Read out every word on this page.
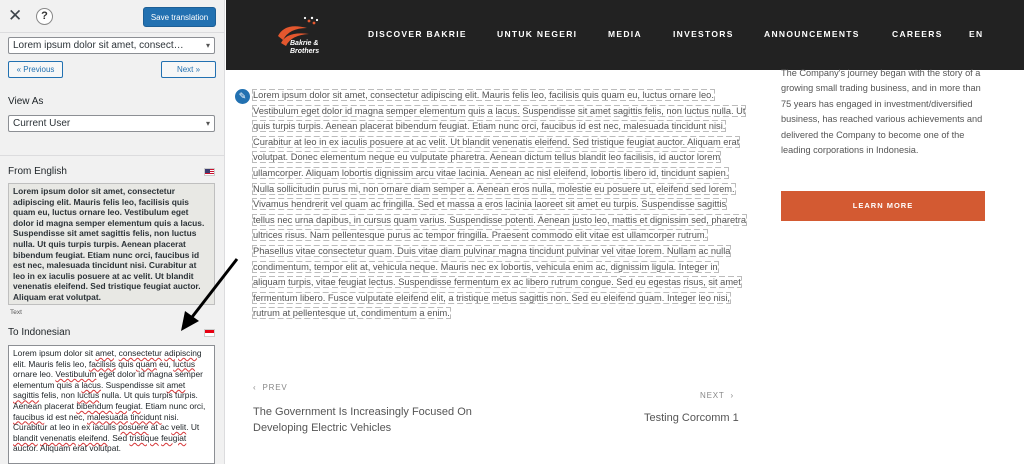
✕	?	Save translation
Lorem ipsum dolor sit amet, consect…	▾
« Previous	Next »
View As
Current User	▾
From English
Lorem ipsum dolor sit amet, consectetur adipiscing elit. Mauris felis leo, facilisis quis quam eu, luctus ornare leo. Vestibulum eget dolor id magna semper elementum quis a lacus. Suspendisse sit amet sagittis felis, non luctus nulla. Ut quis turpis turpis. Aenean placerat bibendum feugiat. Etiam nunc orci, faucibus id est nec, malesuada tincidunt nisi. Curabitur at leo in ex iaculis posuere at ac velit. Ut blandit venenatis eleifend. Sed tristique feugiat auctor. Aliquam erat volutpat.
Text
To Indonesian
Lorem ipsum dolor sit amet, consectetur adipiscing elit. Mauris felis leo, facilisis quis quam eu, luctus ornare leo. Vestibulum eget dolor id magna semper elementum quis a lacus. Suspendisse sit amet sagittis felis, non luctus nulla. Ut quis turpis turpis. Aenean placerat bibendum feugiat. Etiam nunc orci, faucibus id est nec, malesuada tincidunt nisi. Curabitur at leo in ex iaculis posuere at ac velit. Ut blandit venenatis eleifend. Sed tristique feugiat auctor. Aliquam erat volutpat.
Bakrie &
Brothers
DISCOVER BAKRIE	UNTUK NEGERI	MEDIA	INVESTORS	ANNOUNCEMENTS	CAREERS	EN
✎ Lorem ipsum dolor sit amet, consectetur adipiscing elit. Mauris felis leo, facilisis quis quam eu, luctus ornare leo. Vestibulum eget dolor id magna semper elementum quis a lacus. Suspendisse sit amet sagittis felis, non luctus nulla. Ut quis turpis turpis. Aenean placerat bibendum feugiat. Etiam nunc orci, faucibus id est nec, malesuada tincidunt nisi. Curabitur at leo in ex iaculis posuere at ac velit. Ut blandit venenatis eleifend. Sed tristique feugiat auctor. Aliquam erat volutpat. Donec elementum neque eu vulputate pharetra. Aenean dictum tellus blandit leo facilisis, id auctor lorem ullamcorper. Aliquam lobortis dignissim arcu vitae lacinia. Aenean ac nisl eleifend, lobortis libero id, tincidunt sapien. Nulla sollicitudin purus mi, non ornare diam semper a. Aenean eros nulla, molestie eu posuere ut, eleifend sed lorem. Vivamus hendrerit vel quam ac fringilla. Sed et massa a eros lacinia laoreet sit amet eu turpis. Suspendisse sagittis tellus nec urna dapibus, in cursus quam varius. Suspendisse potenti. Aenean justo leo, mattis et dignissim sed, pharetra ultrices risus. Nam pellentesque purus ac tempor fringilla. Praesent commodo elit vitae est ullamcorper rutrum. Phasellus vitae consectetur quam. Duis vitae diam pulvinar magna tincidunt pulvinar vel vitae lorem. Nullam ac nulla condimentum, tempor elit at, vehicula neque. Mauris nec ex lobortis, vehicula enim ac, dignissim ligula. Integer in aliquam turpis, vitae feugiat lectus. Suspendisse fermentum ex ac libero rutrum congue. Sed eu egestas risus, sit amet fermentum libero. Fusce vulputate eleifend elit, a tristique metus sagittis non. Sed eu eleifend quam. Integer leo nisi, rutrum at pellentesque ut, condimentum a enim.
‹  PREV
The Government Is Increasingly Focused On Developing Electric Vehicles
NEXT  ›
Testing Corcomm 1
The Company's journey began with the story of a growing small trading business, and in more than 75 years has engaged in investment/diversified business, has reached various achievements and delivered the Company to become one of the leading corporations in Indonesia.
LEARN MORE
